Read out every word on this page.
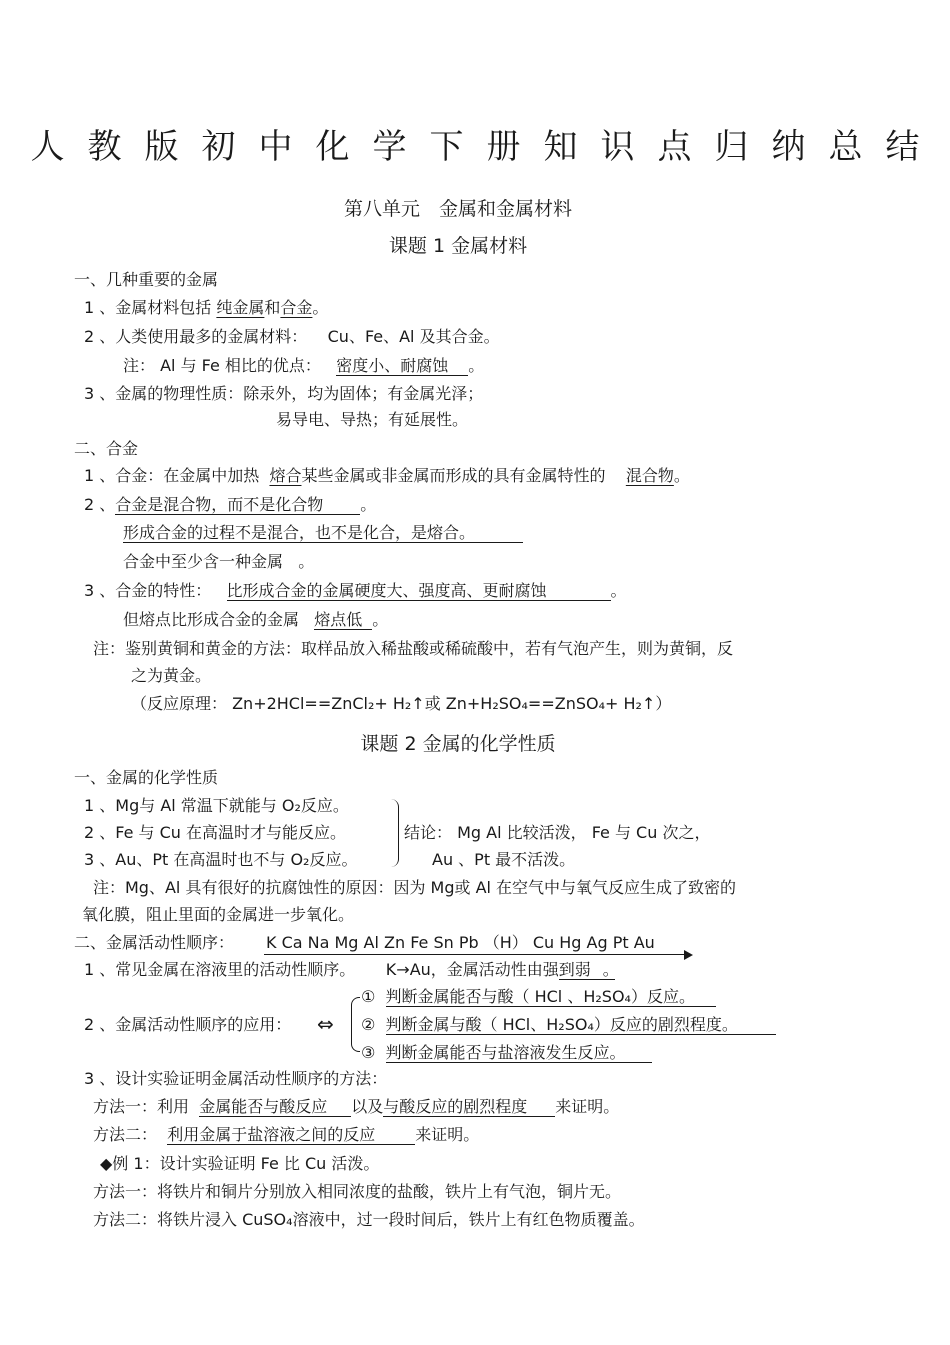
人教版初中化学下册知识点归纳总结
第八单元　金属和金属材料
课题 1 金属材料
一、几种重要的金属
1 、金属材料包括 纯金属和合金。
2 、人类使用最多的金属材料： Cu、Fe、Al 及其合金。
注： Al 与 Fe 相比的优点： 密度小、耐腐蚀 。
3 、金属的物理性质：除汞外，均为固体；有金属光泽；
易导电、导热；有延展性。
二、合金
1 、合金：在金属中加热 熔合某些金属或非金属而形成的具有金属特性的 混合物。
2 、合金是混合物，而不是化合物 。
形成合金的过程不是混合，也不是化合，是熔合。
合金中至少含一种金属 。
3 、合金的特性： 比形成合金的金属硬度大、强度高、更耐腐蚀	。
但熔点比形成合金的金属 熔点低 。
注：鉴别黄铜和黄金的方法：取样品放入稀盐酸或稀硫酸中，若有气泡产生，则为黄铜，反
之为黄金。
（反应原理： Zn+2HCl==ZnCl₂+ H₂↑或 Zn+H₂SO₄==ZnSO₄+ H₂↑）
课题 2 金属的化学性质
一、金属的化学性质
1 、Mg与 Al 常温下就能与 O₂反应。
2 、Fe 与 Cu 在高温时才与能反应。
3 、Au、Pt 在高温时也不与 O₂反应。
结论： Mg Al 比较活泼， Fe 与 Cu 次之，
Au 、Pt 最不活泼。
注：Mg、Al 具有很好的抗腐蚀性的原因：因为 Mg或 Al 在空气中与氧气反应生成了致密的
氧化膜，阻止里面的金属进一步氧化。
二、金属活动性顺序： K Ca Na Mg Al Zn Fe Sn Pb （H） Cu Hg Ag Pt Au
1 、常见金属在溶液里的活动性顺序。 K→Au，金属活动性由强到弱 。
2 、金属活动性顺序的应用： ⇔
① 判断金属能否与酸（ HCl 、H₂SO₄）反应。
② 判断金属与酸（ HCl、H₂SO₄）反应的剧烈程度。
③ 判断金属能否与盐溶液发生反应。
3 、设计实验证明金属活动性顺序的方法：
方法一：利用 金属能否与酸反应 以及与酸反应的剧烈程度 来证明。
方法二： 利用金属于盐溶液之间的反应 来证明。
◆例 1：设计实验证明 Fe 比 Cu 活泼。
方法一：将铁片和铜片分别放入相同浓度的盐酸，铁片上有气泡，铜片无。
方法二：将铁片浸入 CuSO₄溶液中，过一段时间后，铁片上有红色物质覆盖。
